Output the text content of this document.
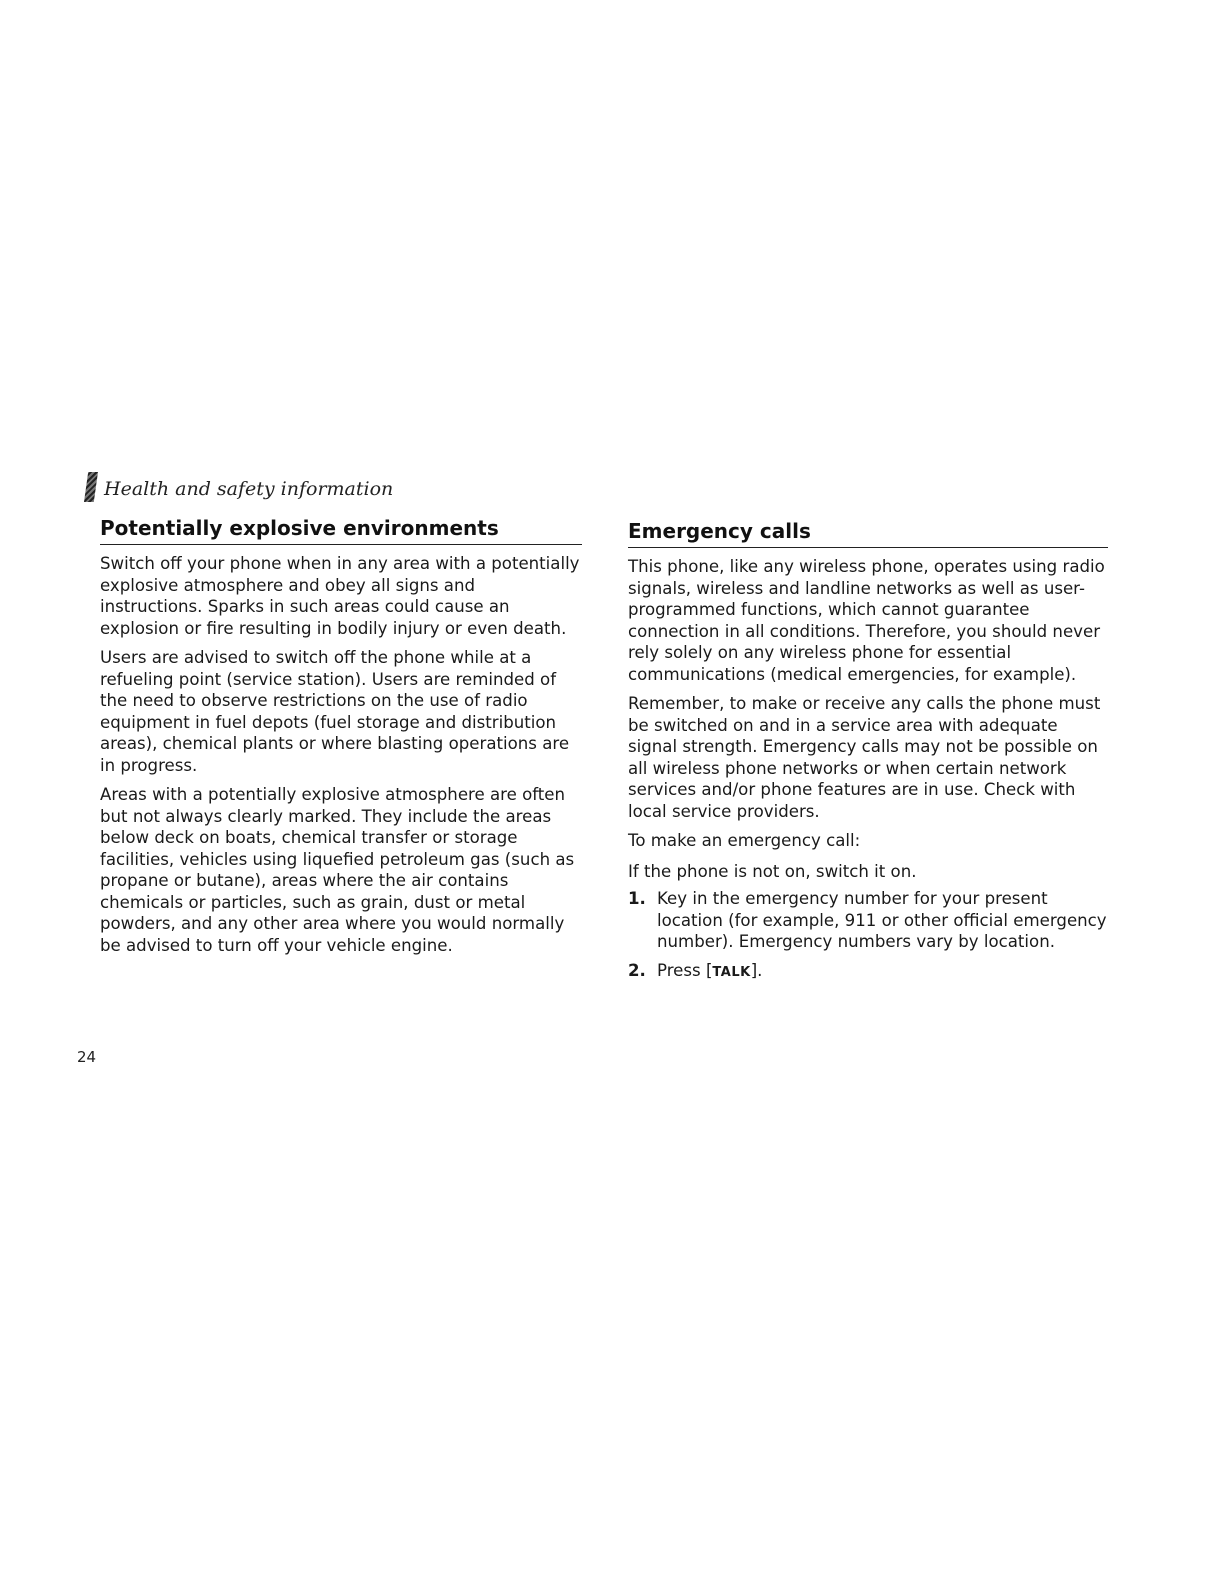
Health and safety information
Potentially explosive environments

Switch off your phone when in any area with a potentially explosive atmosphere and obey all signs and instructions. Sparks in such areas could cause an explosion or fire resulting in bodily injury or even death.

Users are advised to switch off the phone while at a refueling point (service station). Users are reminded of the need to observe restrictions on the use of radio equipment in fuel depots (fuel storage and distribution areas), chemical plants or where blasting operations are in progress.

Areas with a potentially explosive atmosphere are often but not always clearly marked. They include the areas below deck on boats, chemical transfer or storage facilities, vehicles using liquefied petroleum gas (such as propane or butane), areas where the air contains chemicals or particles, such as grain, dust or metal powders, and any other area where you would normally be advised to turn off your vehicle engine.

Emergency calls

This phone, like any wireless phone, operates using radio signals, wireless and landline networks as well as user-programmed functions, which cannot guarantee connection in all conditions. Therefore, you should never rely solely on any wireless phone for essential communications (medical emergencies, for example).

Remember, to make or receive any calls the phone must be switched on and in a service area with adequate signal strength. Emergency calls may not be possible on all wireless phone networks or when certain network services and/or phone features are in use. Check with local service providers.

To make an emergency call:

If the phone is not on, switch it on.

1. Key in the emergency number for your present location (for example, 911 or other official emergency number). Emergency numbers vary by location.
2. Press [TALK].
24
